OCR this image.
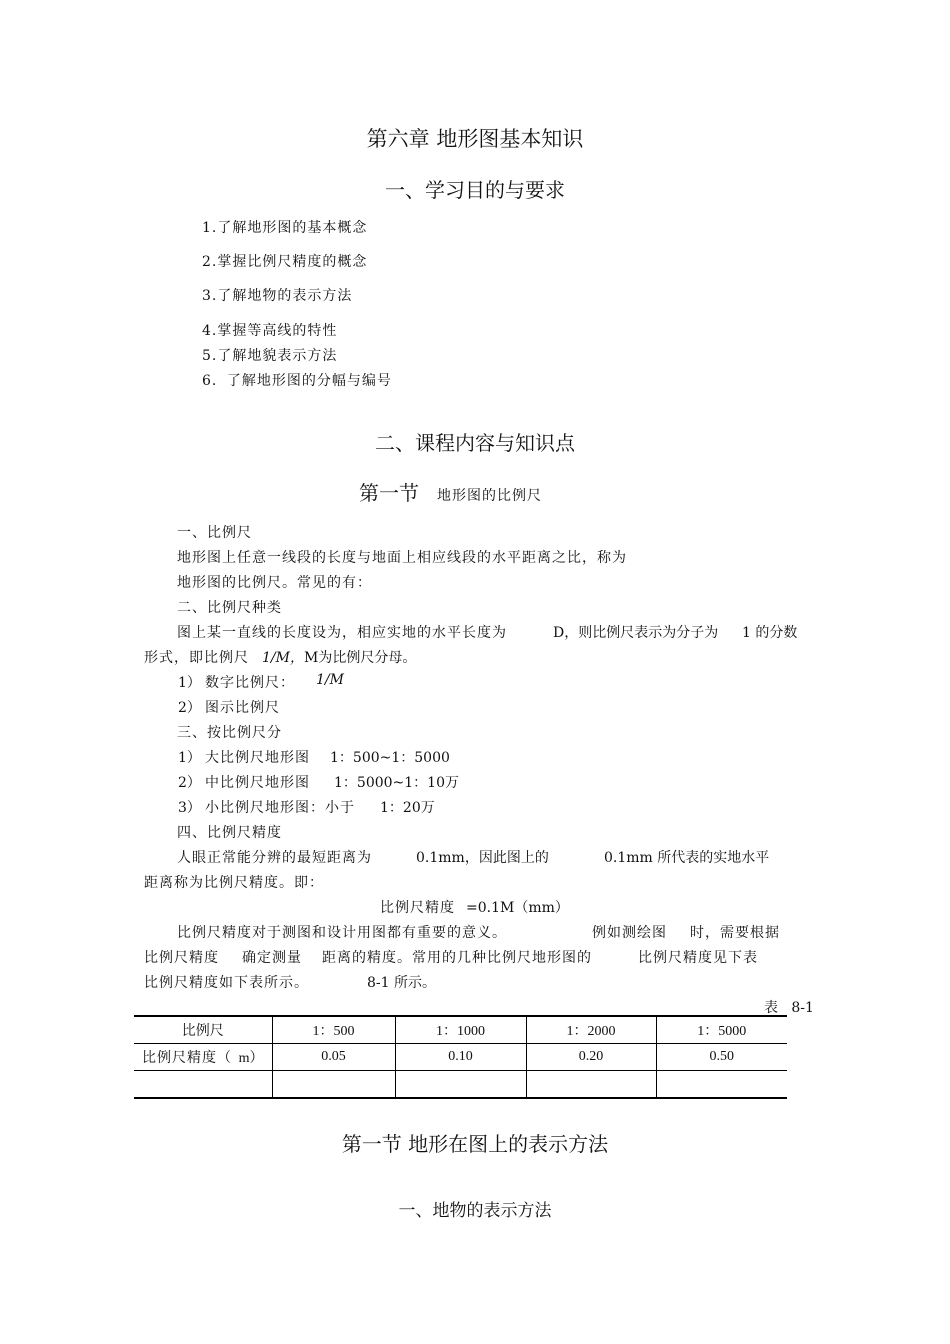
第六章 地形图基本知识
一、学习目的与要求
1.了解地形图的基本概念
2.掌握比例尺精度的概念
3.了解地物的表示方法
4.掌握等高线的特性
5.了解地貌表示方法
6．了解地形图的分幅与编号
二、课程内容与知识点
第一节 地形图的比例尺
一、比例尺
地形图上任意一线段的长度与地面上相应线段的水平距离之比，称为
地形图的比例尺。常见的有：
二、比例尺种类
图上某一直线的长度设为，相应实地的水平长度为	D，则比例尺表示为分子为 1 的分数
形式，即比例尺 1/M， M为比例尺分母。
1） 数字比例尺： 1/M
2） 图示比例尺
三、按比例尺分
1） 大比例尺地形图 1：500~1：5000
2） 中比例尺地形图 1：5000~1：10万
3） 小比例尺地形图：小于 1：20万
四、比例尺精度
人眼正常能分辨的最短距离为	0.1mm，因此图上的	0.1mm 所代表的实地水平
距离称为比例尺精度。即：
比例尺精度 =0.1M（mm）
比例尺精度对于测图和设计用图都有重要的意义。	例如测绘图 时，需要根据
比例尺精度 确定测量 距离的精度。常用的几种比例尺地形图的	比例尺精度见下表
比例尺精度如下表所示。	8-1 所示。
表 8-1
比例尺	1：500	1：1000	1：2000	1：5000

比例尺精度（ m）	0.05	0.10	0.20	0.50

第一节 地形在图上的表示方法
一、地物的表示方法
